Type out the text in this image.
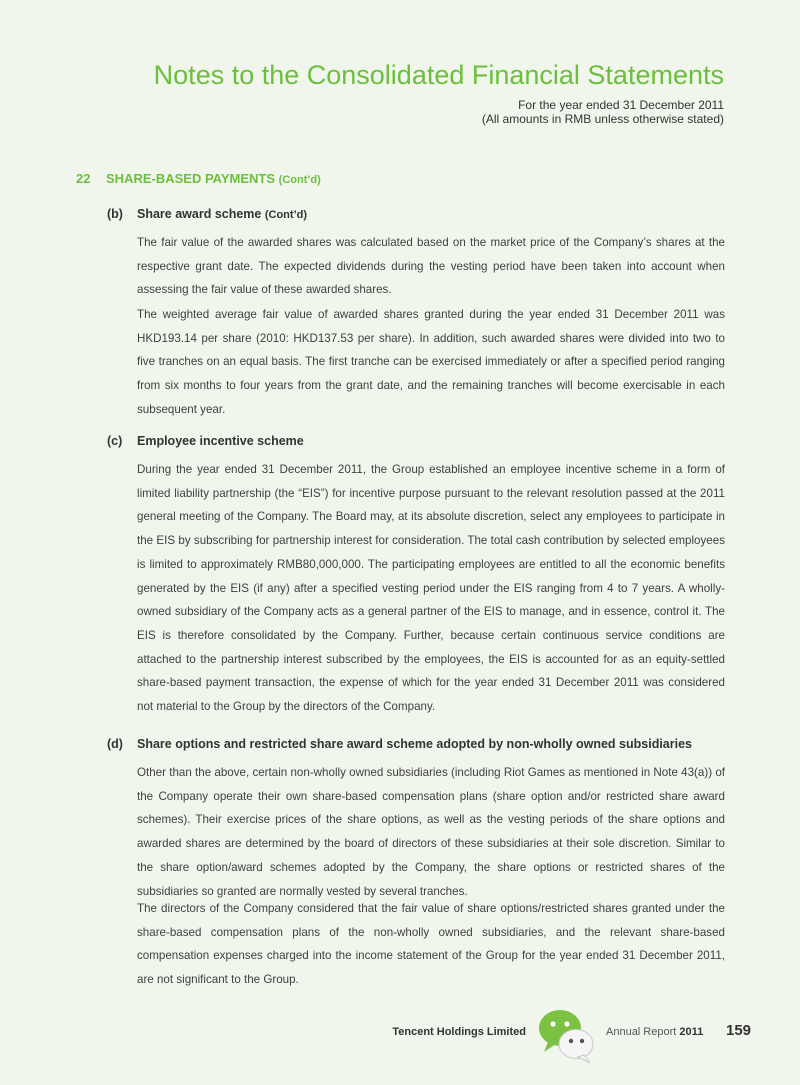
Notes to the Consolidated Financial Statements
For the year ended 31 December 2011
(All amounts in RMB unless otherwise stated)
22 SHARE-BASED PAYMENTS (Cont’d)
(b) Share award scheme (Cont’d)

The fair value of the awarded shares was calculated based on the market price of the Company’s shares at the respective grant date. The expected dividends during the vesting period have been taken into account when assessing the fair value of these awarded shares.

The weighted average fair value of awarded shares granted during the year ended 31 December 2011 was HKD193.14 per share (2010: HKD137.53 per share). In addition, such awarded shares were divided into two to five tranches on an equal basis. The first tranche can be exercised immediately or after a specified period ranging from six months to four years from the grant date, and the remaining tranches will become exercisable in each subsequent year.

(c) Employee incentive scheme

During the year ended 31 December 2011, the Group established an employee incentive scheme in a form of limited liability partnership (the “EIS”) for incentive purpose pursuant to the relevant resolution passed at the 2011 general meeting of the Company. The Board may, at its absolute discretion, select any employees to participate in the EIS by subscribing for partnership interest for consideration. The total cash contribution by selected employees is limited to approximately RMB80,000,000. The participating employees are entitled to all the economic benefits generated by the EIS (if any) after a specified vesting period under the EIS ranging from 4 to 7 years. A wholly-owned subsidiary of the Company acts as a general partner of the EIS to manage, and in essence, control it. The EIS is therefore consolidated by the Company. Further, because certain continuous service conditions are attached to the partnership interest subscribed by the employees, the EIS is accounted for as an equity-settled share-based payment transaction, the expense of which for the year ended 31 December 2011 was considered not material to the Group by the directors of the Company.

(d) Share options and restricted share award scheme adopted by non-wholly owned subsidiaries

Other than the above, certain non-wholly owned subsidiaries (including Riot Games as mentioned in Note 43(a)) of the Company operate their own share-based compensation plans (share option and/or restricted share award schemes). Their exercise prices of the share options, as well as the vesting periods of the share options and awarded shares are determined by the board of directors of these subsidiaries at their sole discretion. Similar to the share option/award schemes adopted by the Company, the share options or restricted shares of the subsidiaries so granted are normally vested by several tranches.

The directors of the Company considered that the fair value of share options/restricted shares granted under the share-based compensation plans of the non-wholly owned subsidiaries, and the relevant share-based compensation expenses charged into the income statement of the Group for the year ended 31 December 2011, are not significant to the Group.

Tencent Holdings Limited	Annual Report 2011 159
